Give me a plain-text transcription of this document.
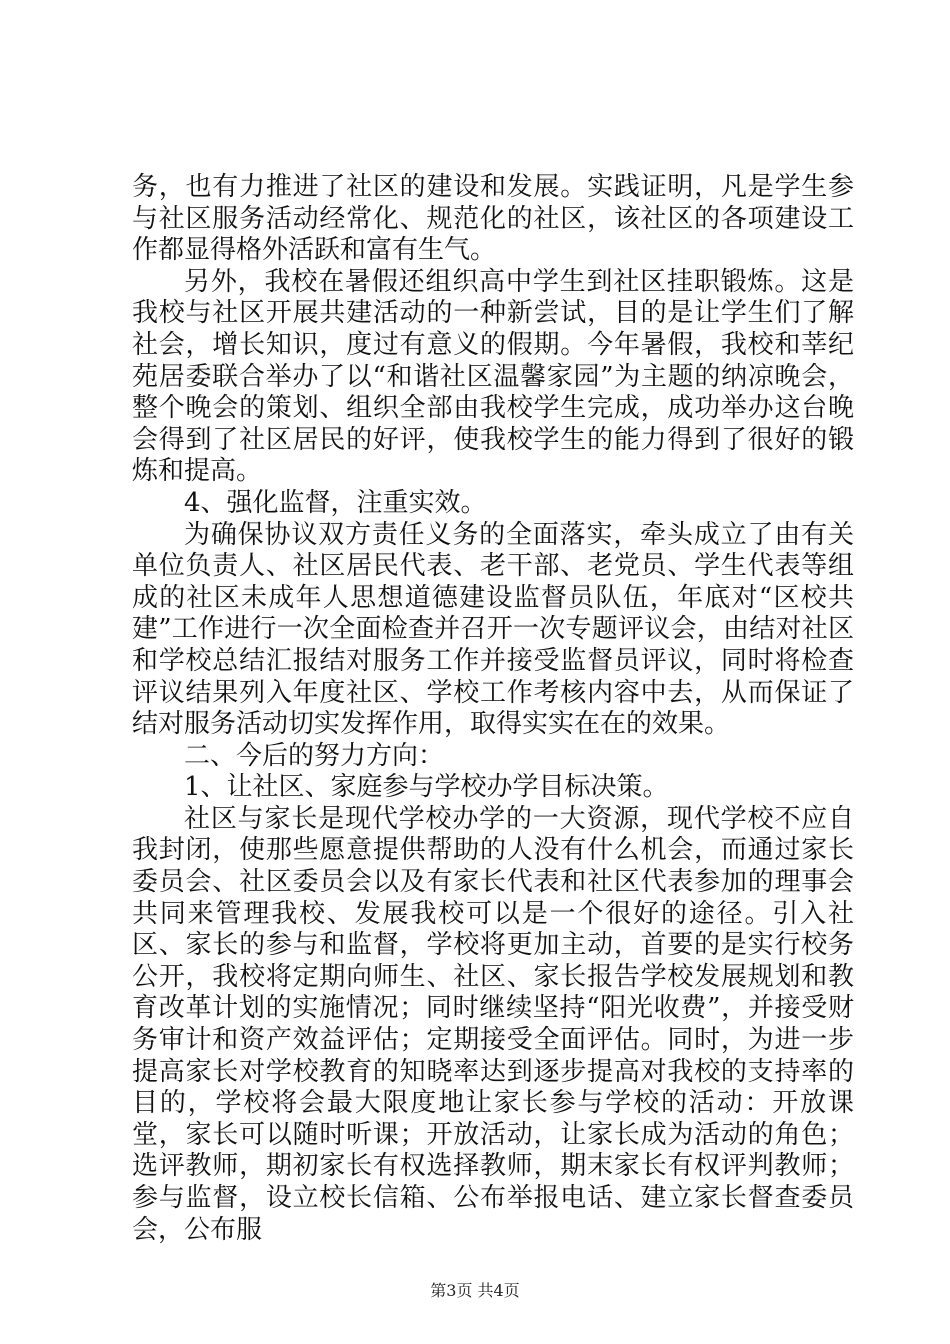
务，也有力推进了社区的建设和发展。实践证明，凡是学生参与社区服务活动经常化、规范化的社区，该社区的各项建设工作都显得格外活跃和富有生气。

另外，我校在暑假还组织高中学生到社区挂职锻炼。这是我校与社区开展共建活动的一种新尝试，目的是让学生们了解社会，增长知识，度过有意义的假期。今年暑假，我校和莘纪苑居委联合举办了以“和谐社区温馨家园”为主题的纳凉晚会，整个晚会的策划、组织全部由我校学生完成，成功举办这台晚会得到了社区居民的好评，使我校学生的能力得到了很好的锻炼和提高。

4、强化监督，注重实效。

为确保协议双方责任义务的全面落实，牵头成立了由有关单位负责人、社区居民代表、老干部、老党员、学生代表等组成的社区未成年人思想道德建设监督员队伍，年底对“区校共建”工作进行一次全面检查并召开一次专题评议会，由结对社区和学校总结汇报结对服务工作并接受监督员评议，同时将检查评议结果列入年度社区、学校工作考核内容中去，从而保证了结对服务活动切实发挥作用，取得实实在在的效果。

二、今后的努力方向：

1、让社区、家庭参与学校办学目标决策。

社区与家长是现代学校办学的一大资源，现代学校不应自我封闭，使那些愿意提供帮助的人没有什么机会，而通过家长委员会、社区委员会以及有家长代表和社区代表参加的理事会共同来管理我校、发展我校可以是一个很好的途径。引入社区、家长的参与和监督，学校将更加主动，首要的是实行校务公开，我校将定期向师生、社区、家长报告学校发展规划和教育改革计划的实施情况；同时继续坚持“阳光收费”，并接受财务审计和资产效益评估；定期接受全面评估。同时，为进一步提高家长对学校教育的知晓率达到逐步提高对我校的支持率的目的，学校将会最大限度地让家长参与学校的活动：开放课堂，家长可以随时听课；开放活动，让家长成为活动的角色；选评教师，期初家长有权选择教师，期末家长有权评判教师；参与监督，设立校长信箱、公布举报电话、建立家长督查委员会，公布服

第3页 共4页
